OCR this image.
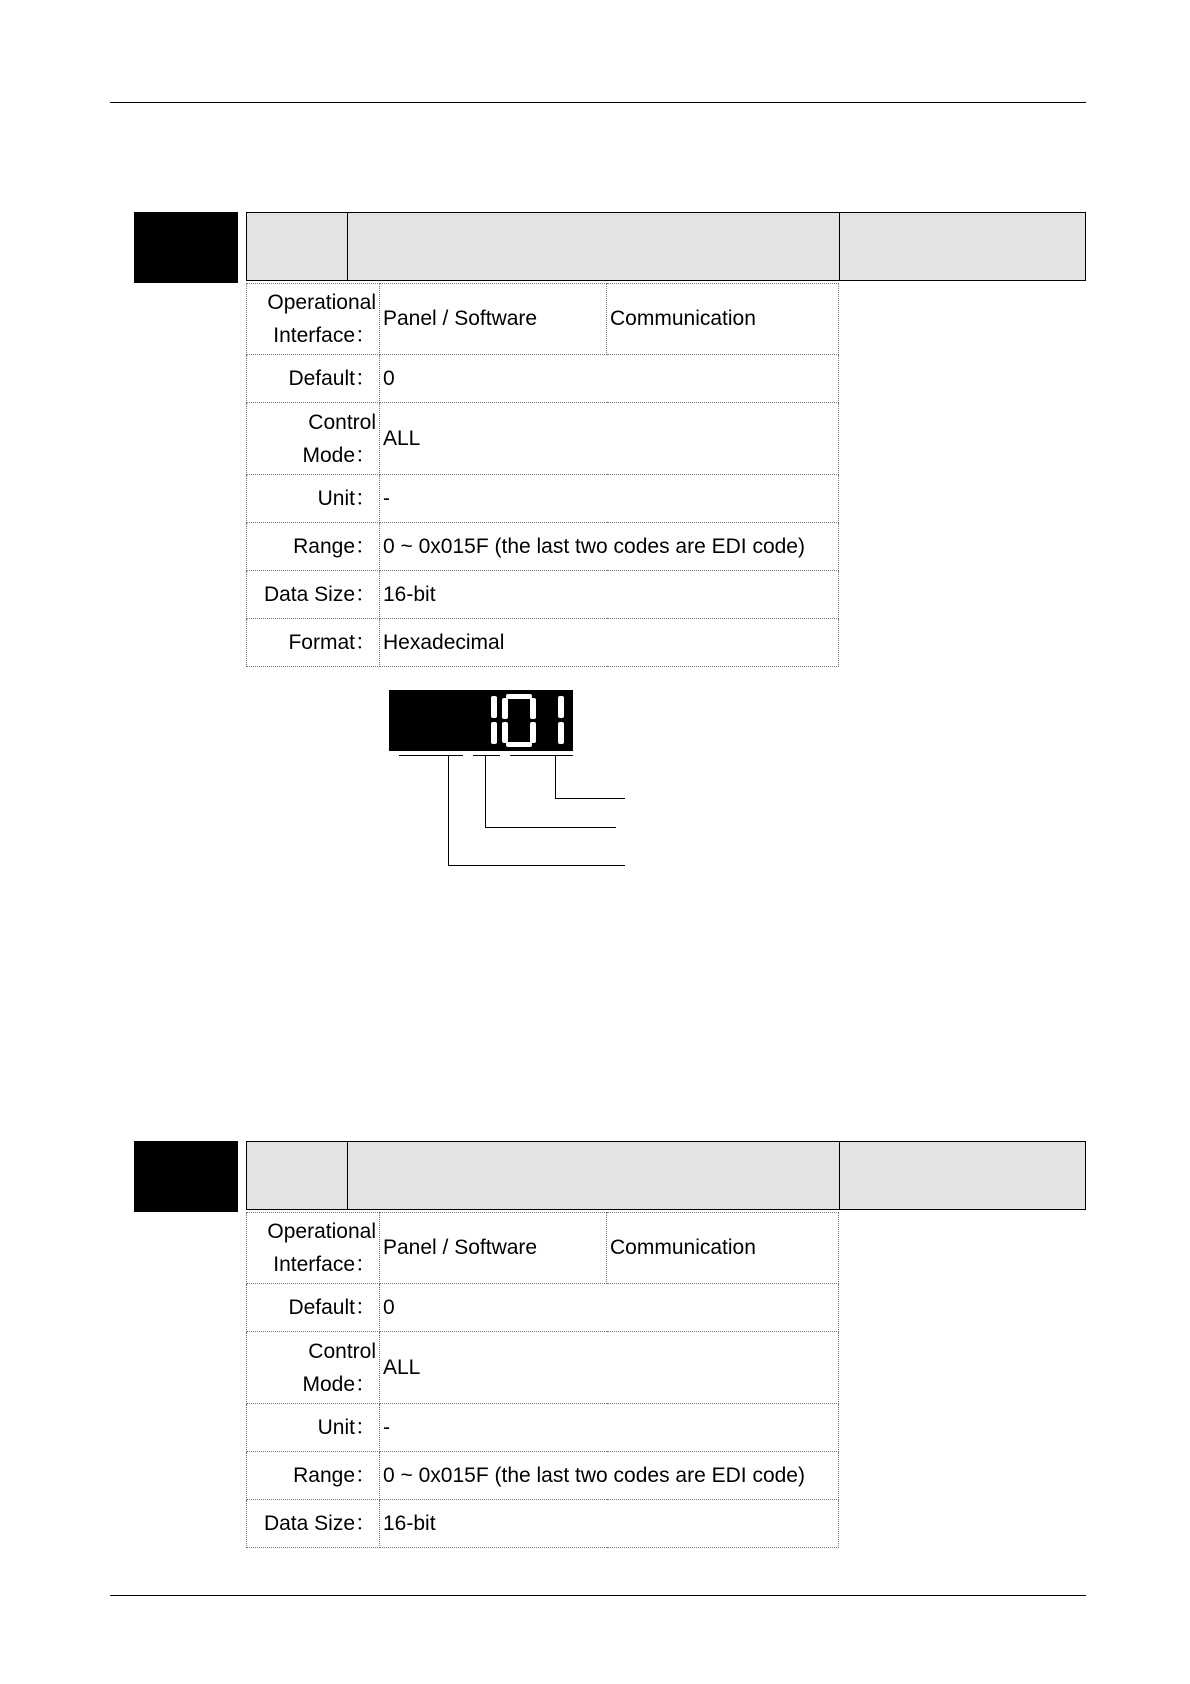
Operational
Interface：	Panel / Software	Communication
Default：	0	

Control
Mode：	ALL	
Unit：	-	
Range：	0 ~ 0x015F (the last two codes are EDI code)	
Data Size：	16-bit	
Format：	Hexadecimal	
Operational
Interface：	Panel / Software	Communication
Default：	0	

Control
Mode：	ALL	
Unit：	-	
Range：	0 ~ 0x015F (the last two codes are EDI code)	
Data Size：	16-bit	
